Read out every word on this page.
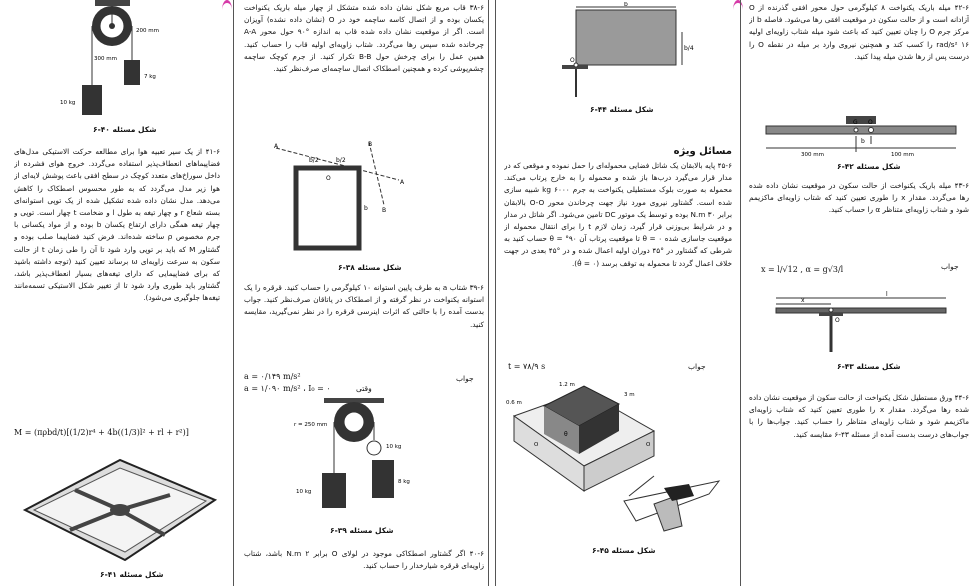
200 mm
300 mm
10 kg
7 kg
شکل مسئله ۴۰-۶

۴۱-۶ از یک سیر تعبیه هوا برای مطالعه حرکت الاستیکی مدل‌های فضاپیماهای انعطاف‌پذیر استفاده می‌گردد. خروج هوای فشرده از داخل سوراخ‌های متعدد کوچک در سطح افقی باعث پوشش لایه‌ای از هوا زیر مدل می‌گردد که به طور محسوس اصطکاک را کاهش می‌دهد. مدل نشان داده شده تشکیل شده از یک توپی استوانه‌ای بسته شعاع r و چهار تیغه به طول l و ضخامت t چهار است. توپی و چهار تیغه همگی دارای ارتفاع یکسان b بوده و از مواد یکسانی با جرم مخصوص ρ ساخته شده‌اند. فرض کنید فضاپیما صلب بوده و گشتاور M که باید بر توپی وارد شود تا آن را طی زمان t از حالت سکون به سرعت زاویه‌ای ω برساند تعیین کنید (توجه داشته باشید که برای فضاپیمایی که دارای تیغه‌های بسیار انعطاف‌پذیر باشد، گشتاور باید طوری وارد شود تا از تغییر شکل الاستیکی تسمه‌مانند تیغه‌ها جلوگیری می‌شود).

M = (πρbd/t)[(1/2)r⁴ + 4b((1/3)l² + rl + r²)]
شکل مسئله ۴۱-۶

۳۸-۶ قاب مربع شکل نشان داده شده متشکل از چهار میله باریک یکنواخت یکسان بوده و از اتصال کاسه ساچمه خود در O (نشان داده نشده) آویزان است. اگر از موقعیت نشان داده شده قاب به اندازه °۹۰ حول محور A-A چرخانده شده سپس رها می‌گردد. شتاب زاویه‌ای اولیه قاب را حساب کنید. همین عمل را برای چرخش حول B-B تکرار کنید. از جرم کوچک ساچمه چشم‌پوشی کرده و همچنین اصطکاک اتصال ساچمه‌ای صرف‌نظر کنید.

A
A
B
B
b/2	b/2
b
O
شکل مسئله ۳۸-۶

۳۹-۶ شتاب a به طرف پایین استوانه ۱۰ کیلوگرمی را حساب کنید. قرقره را یک استوانه یکنواخت در نظر گرفته و از اصطکاک در یاتاقان صرف‌نظر کنید. جواب بدست آمده را با حالتی که اثرات اینرسی قرقره را در نظر نمی‌گیرید، مقایسه کنید.

جواب
a = ۰/۱۴۹ m/s²
a = ۱/۰۹۰ m/s² ، I₀ = ۰	وقتی
r = 250 mm
10 kg
8 kg
10 kg
شکل مسئله ۳۹-۶

۴۰-۶ اگر گشتاور اصطکاکی موجود در لولای O برابر N.m ۲ باشد، شتاب زاویه‌ای قرقره شیارخدار را حساب کنید.

b
b/4
O
شکل مسئله ۴۴-۶
مسائل ویژه

۴۵-۶ پایه بالابقان یک شاتل فضایی محموله‌ای را حمل نموده و موقعی که در مدار قرار می‌گیرد درب‌ها باز شده و محموله را به خارج پرتاب می‌کند. محموله به صورت بلوک مستطیلی یکنواخت به جرم kg ۶۰۰۰ شبیه سازی شده است. گشتاور نیروی مورد نیاز جهت چرخاندن محور O-O بالابقان برابر N.m ۳۰ بوده و توسط یک موتور DC تامین می‌شود. اگر شاتل در مدار و در شرایط بی‌وزنی قرار گیرد، زمان لازم t را برای انتقال محموله از موقعیت جاسازی شده θ = ۰ تا موقعیت پرتاب آن θ = °۹۰ حساب کنید به شرطی که گشتاور در °۴۵ دوران اولیه اعمال شده و در °۴۵ بعدی در جهت خلاف اعمال گردد تا محموله به توقف برسد (θ̇ = ۰).

جواب
t = ۷۸/۹ s
0.6 m
1.2 m
3 m
O	O
θ
شکل مسئله ۴۵-۶

۴۲-۶ میله باریک یکنواخت ۸ کیلوگرمی حول محور افقی گذرنده از O آزادانه است و از حالت سکون در موقعیت افقی رها می‌شود. فاصله b از مرکز جرم O را چنان تعیین کنید که باعث شود میله شتاب زاویه‌ای اولیه ۱۶ rad/s² را کسب کند و همچنین نیروی وارد بر میله در نقطه O را درست پس از رها شدن میله پیدا کنید.

G O
b
300 mm	100 mm
شکل مسئله ۴۲-۶

۴۳-۶ میله باریک یکنواخت از حالت سکون در موقعیت نشان داده شده رها می‌گردد. مقدار x را طوری تعیین کنید که شتاب زاویه‌ای ماکزیمم شود و شتاب زاویه‌ای متناظر α را حساب کنید.

جواب
x = l/√12 , α = g√3/l
x
l
O
شکل مسئله ۴۳-۶

۴۴-۶ ورق مستطیل شکل یکنواخت از حالت سکون از موقعیت نشان داده شده رها می‌گردد. مقدار x را طوری تعیین کنید که شتاب زاویه‌ای ماکزیمم شود و شتاب زاویه‌ای متناظر را حساب کنید. جواب‌ها را با جواب‌های درست بدست آمده از مسئله ۴۳-۶ مقایسه کنید.
